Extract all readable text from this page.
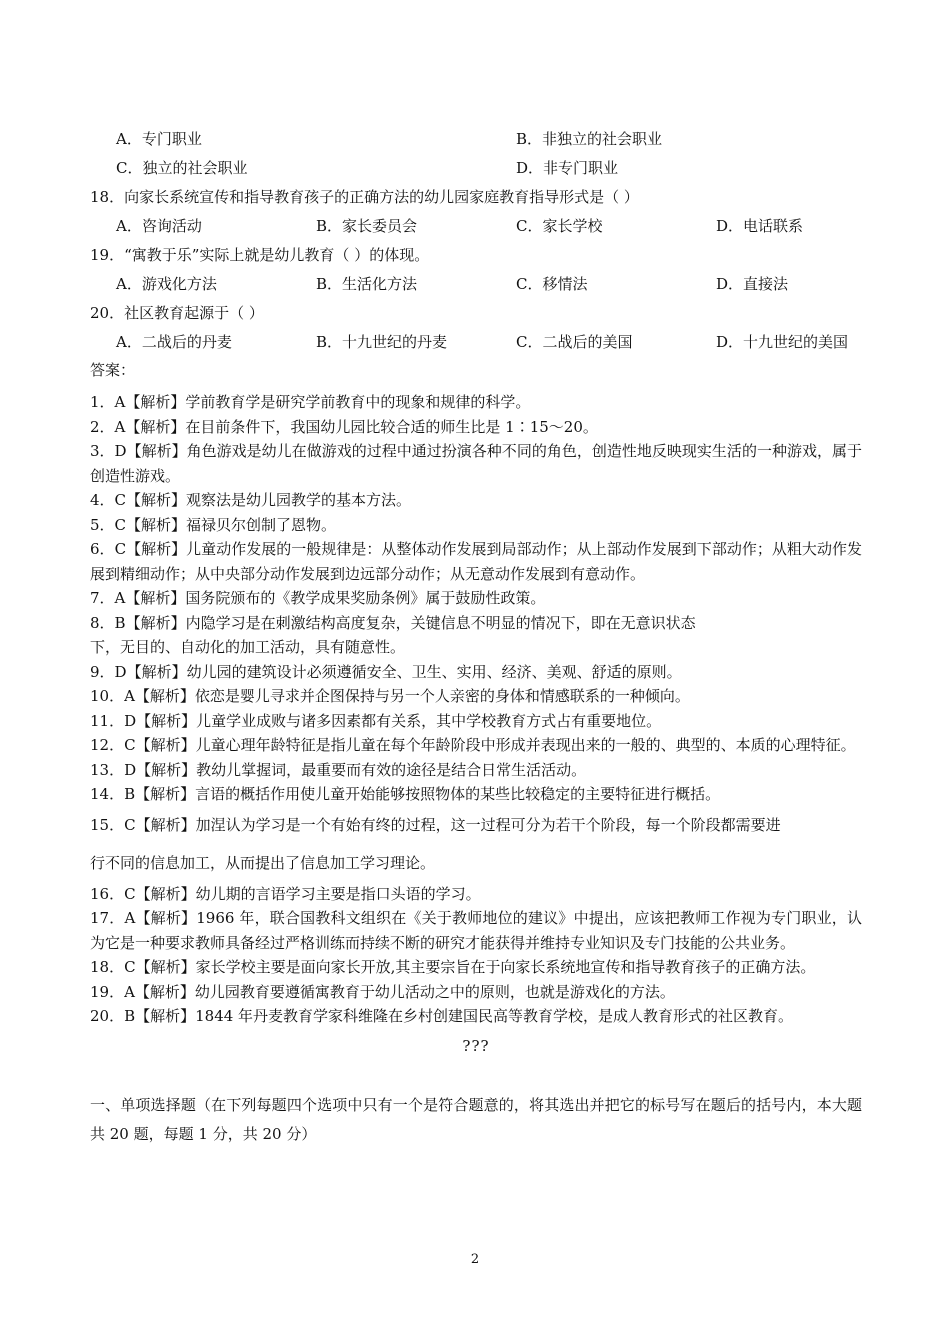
A．专门职业	B．非独立的社会职业
C．独立的社会职业	D．非专门职业
18．向家长系统宣传和指导教育孩子的正确方法的幼儿园家庭教育指导形式是（ ）
A．咨询活动	B．家长委员会	C．家长学校	D．电话联系
19．“寓教于乐”实际上就是幼儿教育（ ）的体现。
A．游戏化方法	B．生活化方法	C．移情法	D．直接法
20．社区教育起源于（ ）
A．二战后的丹麦	B．十九世纪的丹麦	C．二战后的美国	D．十九世纪的美国
答案：

1．A【解析】学前教育学是研究学前教育中的现象和规律的科学。

2．A【解析】在目前条件下，我国幼儿园比较合适的师生比是 1∶15～20。

3．D【解析】角色游戏是幼儿在做游戏的过程中通过扮演各种不同的角色，创造性地反映现实生活的一种游戏，属于创造性游戏。

4．C【解析】观察法是幼儿园教学的基本方法。

5．C【解析】福禄贝尔创制了恩物。

6．C【解析】儿童动作发展的一般规律是：从整体动作发展到局部动作；从上部动作发展到下部动作；从粗大动作发展到精细动作；从中央部分动作发展到边远部分动作；从无意动作发展到有意动作。

7．A【解析】国务院颁布的《教学成果奖励条例》属于鼓励性政策。

8．B【解析】内隐学习是在刺激结构高度复杂，关键信息不明显的情况下，即在无意识状态

下，无目的、自动化的加工活动，具有随意性。

9．D【解析】幼儿园的建筑设计必须遵循安全、卫生、实用、经济、美观、舒适的原则。

10．A【解析】依恋是婴儿寻求并企图保持与另一个人亲密的身体和情感联系的一种倾向。

11．D【解析】儿童学业成败与诸多因素都有关系，其中学校教育方式占有重要地位。

12．C【解析】儿童心理年龄特征是指儿童在每个年龄阶段中形成并表现出来的一般的、典型的、本质的心理特征。

13．D【解析】教幼儿掌握词，最重要而有效的途径是结合日常生活活动。

14．B【解析】言语的概括作用使儿童开始能够按照物体的某些比较稳定的主要特征进行概括。

15．C【解析】加涅认为学习是一个有始有终的过程，这一过程可分为若干个阶段，每一个阶段都需要进

行不同的信息加工，从而提出了信息加工学习理论。

16．C【解析】幼儿期的言语学习主要是指口头语的学习。

17．A【解析】1966 年，联合国教科文组织在《关于教师地位的建议》中提出，应该把教师工作视为专门职业，认为它是一种要求教师具备经过严格训练而持续不断的研究才能获得并维持专业知识及专门技能的公共业务。

18．C【解析】家长学校主要是面向家长开放,其主要宗旨在于向家长系统地宣传和指导教育孩子的正确方法。

19．A【解析】幼儿园教育要遵循寓教育于幼儿活动之中的原则，也就是游戏化的方法。

20．B【解析】1844 年丹麦教育学家科维隆在乡村创建国民高等教育学校，是成人教育形式的社区教育。

???
一、单项选择题（在下列每题四个选项中只有一个是符合题意的，将其选出并把它的标号写在题后的括号内，本大题共 20 题，每题 1 分，共 20 分）
2
